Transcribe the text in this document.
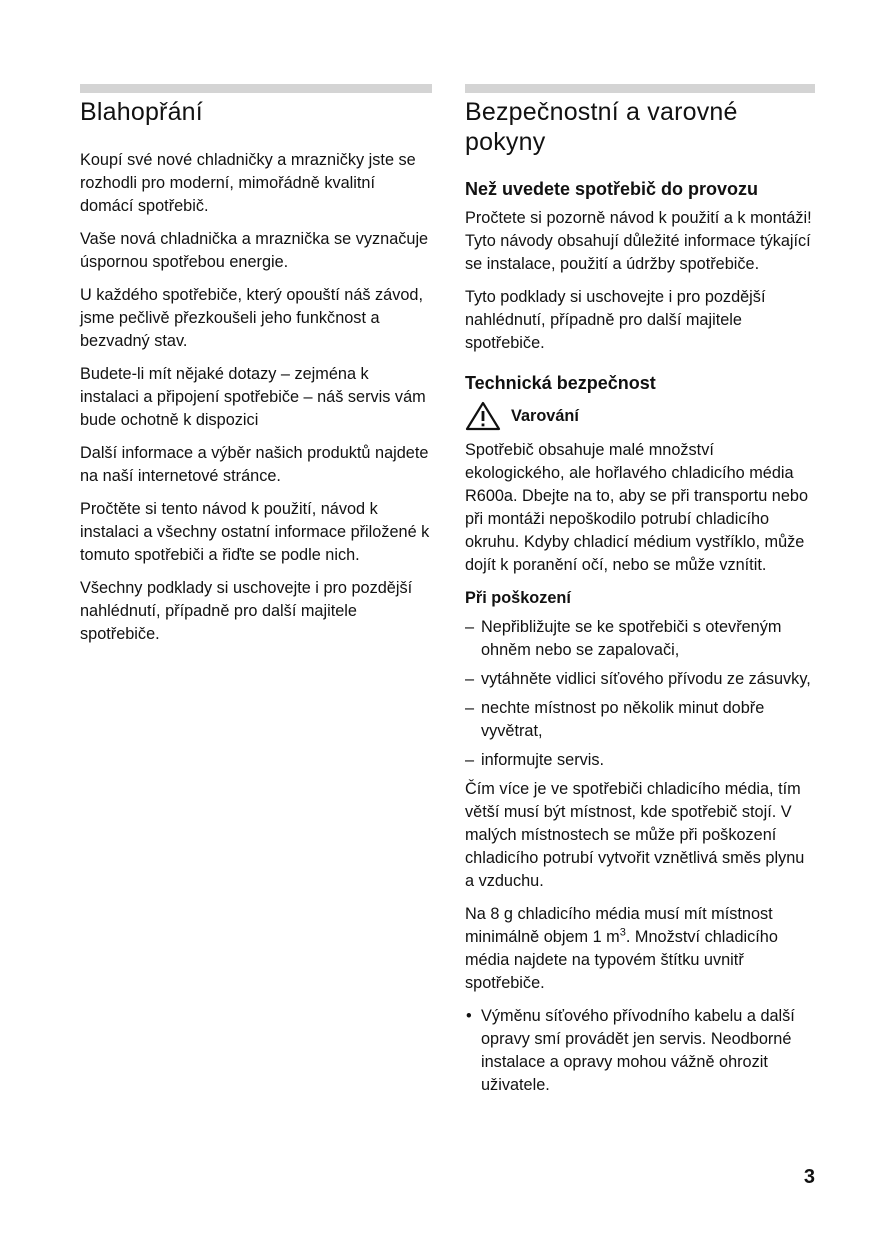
Blahopřání

Koupí své nové chladničky a mrazničky jste se rozhodli pro moderní, mimořádně kvalitní domácí spotřebič.

Vaše nová chladnička a mraznička se vyznačuje úspornou spotřebou energie.

U každého spotřebiče, který opouští náš závod, jsme pečlivě přezkoušeli jeho funkčnost a bezvadný stav.

Budete-li mít nějaké dotazy – zejména k instalaci a připojení spotřebiče – náš servis vám bude ochotně k dispozici

Další informace a výběr našich produktů najdete na naší internetové stránce.

Pročtěte si tento návod k použití, návod k instalaci a všechny ostatní informace přiložené k tomuto spotřebiči a řiďte se podle nich.

Všechny podklady si uschovejte i pro pozdější nahlédnutí, případně pro další majitele spotřebiče.

Bezpečnostní a varovné pokyny
Než uvedete spotřebič do provozu

Pročtete si pozorně návod k použití a k montáži! Tyto návody obsahují důležité informace týkající se instalace, použití a údržby spotřebiče.

Tyto podklady si uschovejte i pro pozdější nahlédnutí, případně pro další majitele spotřebiče.

Technická bezpečnost
Varování

Spotřebič obsahuje malé množství ekologického, ale hořlavého chladicího média R600a. Dbejte na to, aby se při transportu nebo při montáži nepoškodilo potrubí chladicího okruhu. Kdyby chladicí médium vystříklo, může dojít k poranění očí, nebo se může vznítit.

Při poškození
– Nepřibližujte se ke spotřebiči s otevřeným ohněm nebo se zapalovači,
– vytáhněte vidlici síťového přívodu ze zásuvky,
– nechte místnost po několik minut dobře vyvětrat,
– informujte servis.

Čím více je ve spotřebiči chladicího média, tím větší musí být místnost, kde spotřebič stojí. V malých místnostech se může při poškození chladicího potrubí vytvořit vznětlivá směs plynu a vzduchu.

Na 8 g chladicího média musí mít místnost minimálně objem 1 $m^3$. Množství chladicího média najdete na typovém štítku uvnitř spotřebiče.

• Výměnu síťového přívodního kabelu a další opravy smí provádět jen servis. Neodborné instalace a opravy mohou vážně ohrozit uživatele.
3
